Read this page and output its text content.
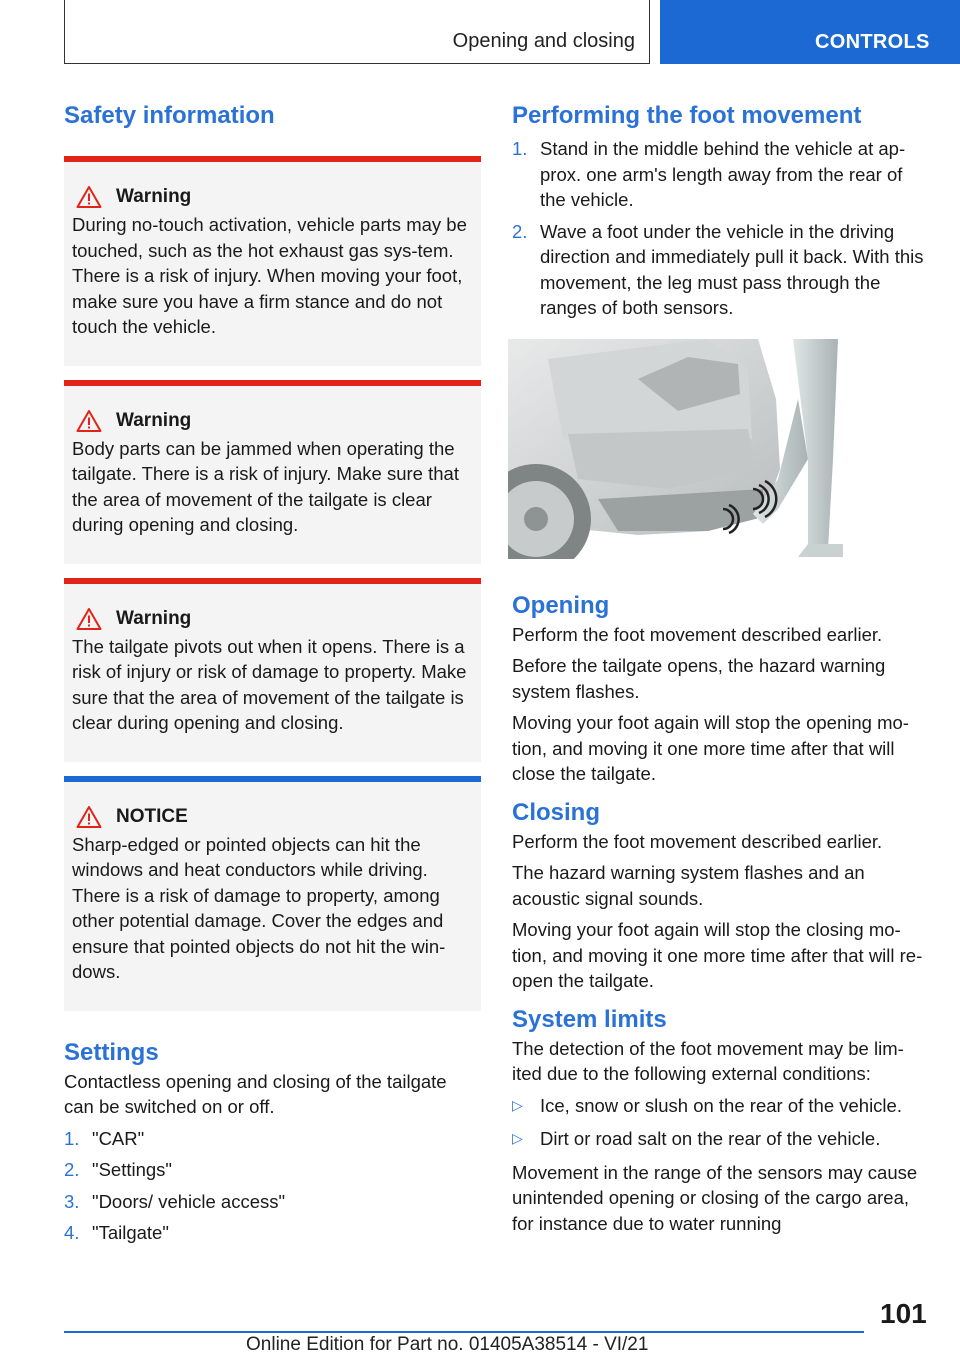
Opening and closing	CONTROLS
Safety information
Warning

During no-touch activation, vehicle parts may be touched, such as the hot exhaust gas sys-tem. There is a risk of injury. When moving your foot, make sure you have a firm stance and do not touch the vehicle.

Warning

Body parts can be jammed when operating the tailgate. There is a risk of injury. Make sure that the area of movement of the tailgate is clear during opening and closing.

Warning

The tailgate pivots out when it opens. There is a risk of injury or risk of damage to property. Make sure that the area of movement of the tailgate is clear during opening and closing.

NOTICE

Sharp-edged or pointed objects can hit the windows and heat conductors while driving. There is a risk of damage to property, among other potential damage. Cover the edges and ensure that pointed objects do not hit the win-dows.

Settings

Contactless opening and closing of the tailgate can be switched on or off.

1. "CAR"
2. "Settings"
3. "Doors/ vehicle access"
4. "Tailgate"
Performing the foot movement
1. Stand in the middle behind the vehicle at ap-prox. one arm's length away from the rear of the vehicle.
2. Wave a foot under the vehicle in the driving direction and immediately pull it back. With this movement, the leg must pass through the ranges of both sensors.
Opening

Perform the foot movement described earlier.

Before the tailgate opens, the hazard warning system flashes.

Moving your foot again will stop the opening mo-tion, and moving it one more time after that will close the tailgate.

Closing

Perform the foot movement described earlier.

The hazard warning system flashes and an acoustic signal sounds.

Moving your foot again will stop the closing mo-tion, and moving it one more time after that will re-open the tailgate.

System limits

The detection of the foot movement may be lim-ited due to the following external conditions:

▷ Ice, snow or slush on the rear of the vehicle.
▷ Dirt or road salt on the rear of the vehicle.

Movement in the range of the sensors may cause unintended opening or closing of the cargo area, for instance due to water running

101
Online Edition for Part no. 01405A38514 - VI/21
